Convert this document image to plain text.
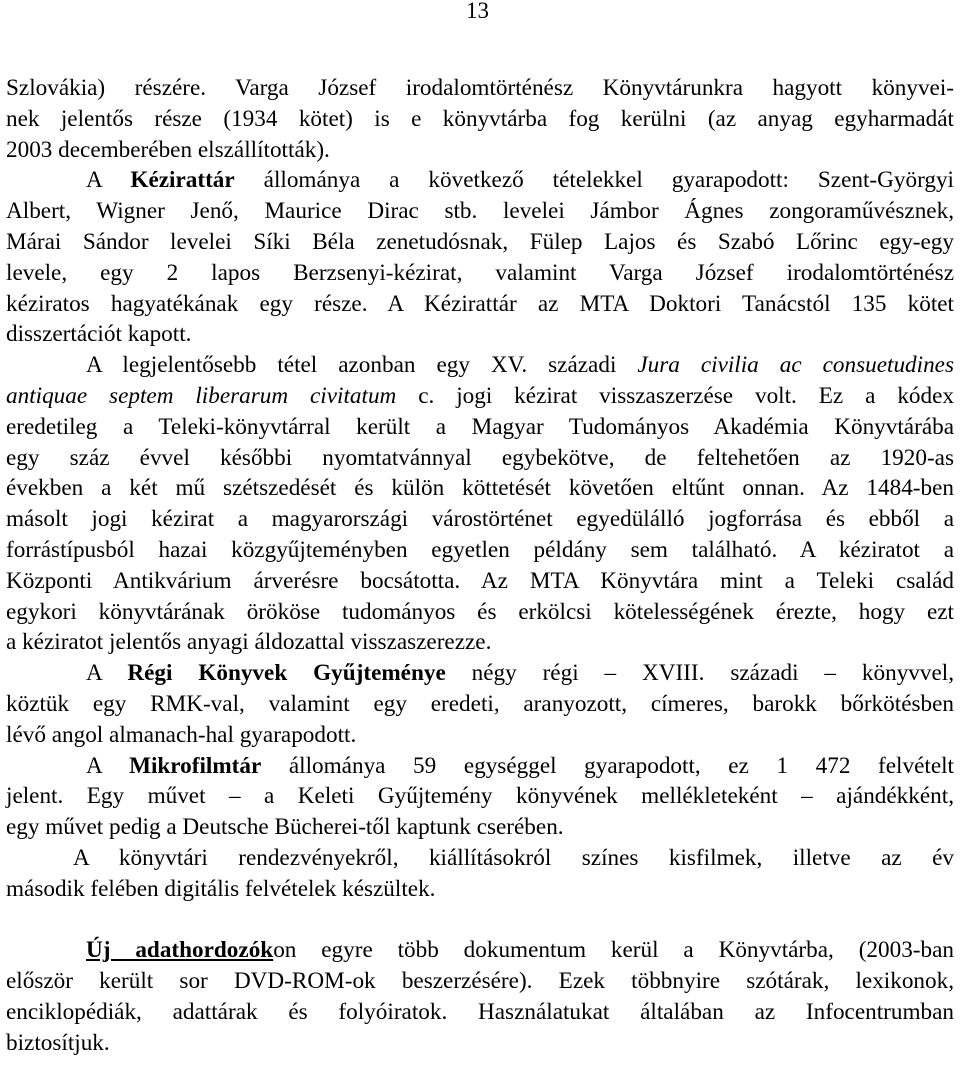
13
Szlovákia) részére. Varga József irodalomtörténész Könyvtárunkra hagyott könyvei-
nek jelentős része (1934 kötet) is e könyvtárba fog kerülni (az anyag egyharmadát
2003 decemberében elszállították).
A Kézirattár állománya a következő tételekkel gyarapodott: Szent-Györgyi
Albert, Wigner Jenő, Maurice Dirac stb. levelei Jámbor Ágnes zongoraművésznek,
Márai Sándor levelei Síki Béla zenetudósnak, Fülep Lajos és Szabó Lőrinc egy-egy
levele, egy 2 lapos Berzsenyi-kézirat, valamint Varga József irodalomtörténész
kéziratos hagyatékának egy része. A Kézirattár az MTA Doktori Tanácstól 135 kötet
disszertációt kapott.
A legjelentősebb tétel azonban egy XV. századi Jura civilia ac consuetudines
antiquae septem liberarum civitatum c. jogi kézirat visszaszerzése volt. Ez a kódex
eredetileg a Teleki-könyvtárral került a Magyar Tudományos Akadémia Könyvtárába
egy száz évvel későbbi nyomtatvánnyal egybekötve, de feltehetően az 1920-as
években a két mű szétszedését és külön köttetését követően eltűnt onnan. Az 1484-ben
másolt jogi kézirat a magyarországi várostörténet egyedülálló jogforrása és ebből a
forrástípusból hazai közgyűjteményben egyetlen példány sem található. A kéziratot a
Központi Antikvárium árverésre bocsátotta. Az MTA Könyvtára mint a Teleki család
egykori könyvtárának örököse tudományos és erkölcsi kötelességének érezte, hogy ezt
a kéziratot jelentős anyagi áldozattal visszaszerezze.
A Régi Könyvek Gyűjteménye négy régi – XVIII. századi – könyvvel,
köztük egy RMK-val, valamint egy eredeti, aranyozott, címeres, barokk bőrkötésben
lévő angol almanach-hal gyarapodott.
A Mikrofilmtár állománya 59 egységgel gyarapodott, ez 1 472 felvételt
jelent. Egy művet – a Keleti Gyűjtemény könyvének mellékleteként – ajándékként,
egy művet pedig a Deutsche Bücherei-től kaptunk cserében.
A könyvtári rendezvényekről, kiállításokról színes kisfilmek, illetve az év
második felében digitális felvételek készültek.
Új adathordozókon egyre több dokumentum kerül a Könyvtárba, (2003-ban
először került sor DVD-ROM-ok beszerzésére). Ezek többnyire szótárak, lexikonok,
enciklopédiák, adattárak és folyóiratok. Használatukat általában az Infocentrumban
biztosítjuk.
